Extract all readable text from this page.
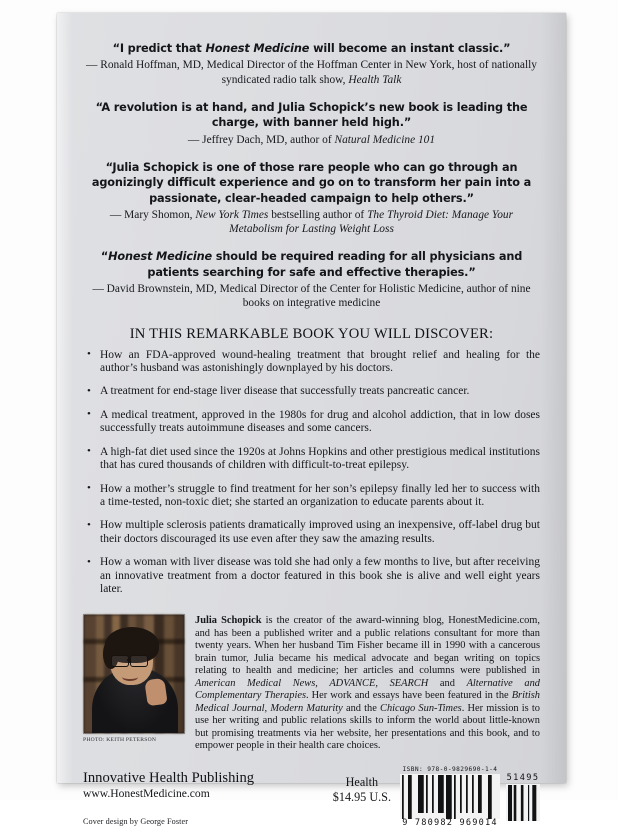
“I predict that Honest Medicine will become an instant classic.”
— Ronald Hoffman, MD, Medical Director of the Hoffman Center in New York, host of nationally syndicated radio talk show, Health Talk
“A revolution is at hand, and Julia Schopick’s new book is leading the charge, with banner held high.”
— Jeffrey Dach, MD, author of Natural Medicine 101
“Julia Schopick is one of those rare people who can go through an agonizingly difficult experience and go on to transform her pain into a passionate, clear-headed campaign to help others.”
— Mary Shomon, New York Times bestselling author of The Thyroid Diet: Manage Your Metabolism for Lasting Weight Loss
“Honest Medicine should be required reading for all physicians and patients searching for safe and effective therapies.”
— David Brownstein, MD, Medical Director of the Center for Holistic Medicine, author of nine books on integrative medicine
IN THIS REMARKABLE BOOK YOU WILL DISCOVER:
• How an FDA-approved wound-healing treatment that brought relief and healing for the author’s husband was astonishingly downplayed by his doctors.
• A treatment for end-stage liver disease that successfully treats pancreatic cancer.
• A medical treatment, approved in the 1980s for drug and alcohol addiction, that in low doses successfully treats autoimmune diseases and some cancers.
• A high-fat diet used since the 1920s at Johns Hopkins and other prestigious medical institutions that has cured thousands of children with difficult-to-treat epilepsy.
• How a mother’s struggle to find treatment for her son’s epilepsy finally led her to success with a time-tested, non-toxic diet; she started an organization to educate parents about it.
• How multiple sclerosis patients dramatically improved using an inexpensive, off-label drug but their doctors discouraged its use even after they saw the amazing results.
• How a woman with liver disease was told she had only a few months to live, but after receiving an innovative treatment from a doctor featured in this book she is alive and well eight years later.
PHOTO: KEITH PETERSON
Julia Schopick is the creator of the award-winning blog, HonestMedicine.com, and has been a published writer and a public relations consultant for more than twenty years. When her husband Tim Fisher became ill in 1990 with a cancerous brain tumor, Julia became his medical advocate and began writing on topics relating to health and medicine; her articles and columns were published in American Medical News, ADVANCE, SEARCH and Alternative and Complementary Therapies. Her work and essays have been featured in the British Medical Journal, Modern Maturity and the Chicago Sun-Times. Her mission is to use her writing and public relations skills to inform the world about little-known but promising treatments via her website, her presentations and this book, and to empower people in their health care choices.
Innovative Health Publishing
www.HonestMedicine.com
Cover design by George Foster
Health
$14.95 U.S.
ISBN: 978-0-9829690-1-4
9 780982 969014
51495
